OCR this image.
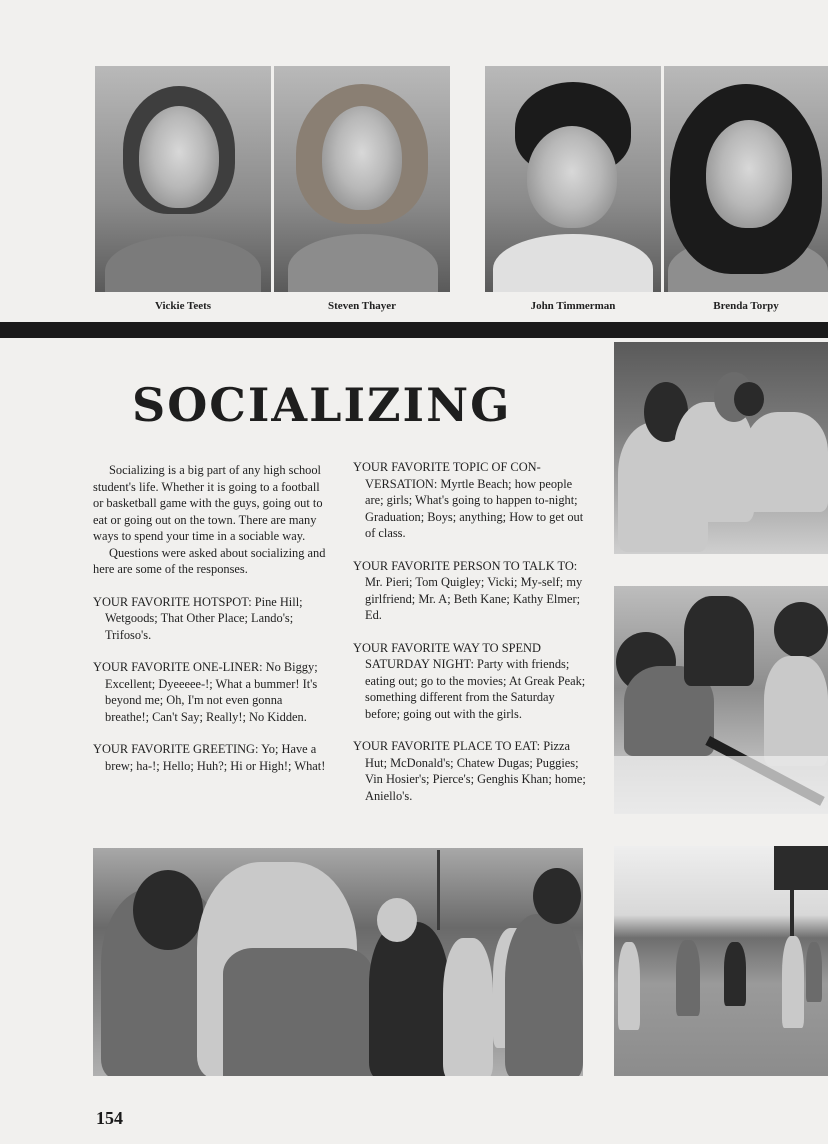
Vickie Teets	Steven Thayer	John Timmerman	Brenda Torpy
SOCIALIZING

Socializing is a big part of any high school student's life. Whether it is going to a football or basketball game with the guys, going out to eat or going out on the town. There are many ways to spend your time in a sociable way.

Questions were asked about socializing and here are some of the responses.

YOUR FAVORITE HOTSPOT: Pine Hill; Wetgoods; That Other Place; Lando's; Trifoso's.

YOUR FAVORITE ONE-LINER: No Biggy; Excellent; Dyeeeee-!; What a bummer! It's beyond me; Oh, I'm not even gonna breathe!; Can't Say; Really!; No Kidden.

YOUR FAVORITE GREETING: Yo; Have a brew; ha-!; Hello; Huh?; Hi or High!; What!

YOUR FAVORITE TOPIC OF CON-VERSATION: Myrtle Beach; how people are; girls; What's going to happen to-night; Graduation; Boys; anything; How to get out of class.

YOUR FAVORITE PERSON TO TALK TO: Mr. Pieri; Tom Quigley; Vicki; My-self; my girlfriend; Mr. A; Beth Kane; Kathy Elmer; Ed.

YOUR FAVORITE WAY TO SPEND SATURDAY NIGHT: Party with friends; eating out; go to the movies; At Greak Peak; something different from the Saturday before; going out with the girls.

YOUR FAVORITE PLACE TO EAT: Pizza Hut; McDonald's; Chatew Dugas; Puggies; Vin Hosier's; Pierce's; Genghis Khan; home; Aniello's.

154
